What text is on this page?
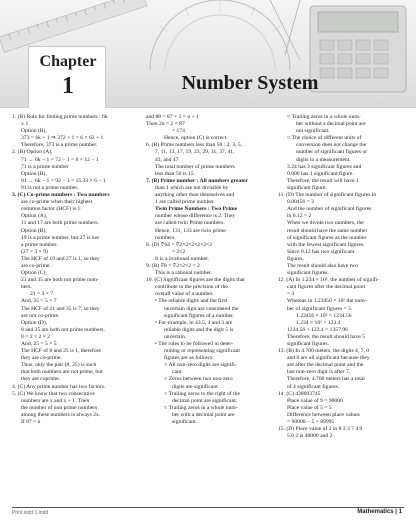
Chapter
1	Number System
1. (B) Rule for finding prime numbers : 6k
± 1
Option (B),
373 = 6k + 1 ⇒ 372 + 1 = 6 × 62 + 1
Therefore, 373 is a prime number.
2. (B) Option (A),
71 → 6k − 1 = 72 − 1 = 6 × 12 − 1
71 is a prime number
Option (B),
91 → 6k − 1 = 92 − 1 = 15.33 × 6 − 1
91 is not a prime number.
3. (C) Co-prime numbers : Two numbers
are co-prime when their highest
common factor (HCF) is 1.
Option (A),
11 and 17 are both prime numbers.
Option (B),
19 is a prime number, but 27 is not
a prime number.
(27 = 3 × 9)
The HCF of 19 and 27 is 1, so they
are co-prime.
Option (C),
21 and 35 are both not prime num-
bers.
21 = 3 × 7
And, 35 = 5 × 7
The HCF of 21 and 35 is 7, so they
are not co-prime.
Option (D),
8 and 25 are both not prime numbers.
8 = 2 × 2 × 2
And, 25 = 5 × 5
The HCF of 8 and 25 is 1, therefore
they are co-prime.
Thus, only the pair (8, 25) is such
that both numbers are not prime, but
they are coprime.
4. (C) Any prime number has two factors.
5. (C) We know that two consecutive
numbers are x and x + 1. Then
the number of non prime numbers
among these numbers is always 2x.
If 87 = n
and 88 = 87 + 1 = n + 1
Then 2n = 2 × 87
= 174
Hence, option (C) is correct.
6. (B) Prime numbers less than 50 : 2, 3, 5,
7, 11, 13, 17, 19, 23, 29, 31, 37, 41,
43, and 47
The total number of prime numbers
less than 50 is 15.
7. (B) Prime number : All numbers greater
than 1 which are not divisible by
anything other than themselves and
1 are called prime number.
Twin Prime Numbers : Two Prime
number whose difference is 2. They
are called twin Prime numbers.
Hence, 131, 133 are twin prime
numbers.
8. (D) ∜64 = ∜2×2×2×2×2×2
= 2√2
It is a irrational number.
9. (B) ∛8 = ∛2×2×2 = 2
This is a rational number.
10. (C) Significant figures are the digits that
contribute to the precision of the
overall value of a number.
• The reliable digits and the first
uncertain digit are considered the
significant figures of a number.
• For example, in 43.5, 4 and 3 are
reliable digits and the digit 5 is
uncertain.
• The rules to be followed in deter-
mining or representing significant
figures are as follows:
○ All non-zero digits are signifi-
cant.
○ Zeros between two non-zero
digits are significant.
○ Trailing zeros to the right of the
decimal point are significant.
○ Trailing zeros in a whole num-
ber with a decimal point are
significant.
○ Trailing zeros in a whole num-
ber without a decimal point are
not significant.
○ The choice of different units of
conversion does not change the
number of significant figures or
digits in a measurement.
3.24 has 3 significant figures and
0.006 has 1 significant figure.
Therefore, the result will have 1
significant figure.
11. (D) The number of significant figures in
0.00456 = 3
And the number of significant figures
in 0.12 = 2
When we divide two numbers, the
result should have the same number
of significant figures as the number
with the fewest significant figures.
Since 0.12 has two significant
figures,
The result should also have two
significant figures.
12. (A) In 1.234 × 10², the number of signifi-
cant figures after the decimal point
= 3
Whereas in 1.23456 × 10² the num-
ber of significant figures = 5
1.23456 × 10² = 1234.56
1.234 × 10² = 123.4
1234.56 + 123.4 = 1357.96
Therefore, the result should have 5
significant figures.
13. (B) In 4.700 meters, the digits 4, 7, 0
and 0 are all significant because they
are after the decimal point and the
last non-zero digit is after 7.
Therefore, 4.700 meters has a total
of 4 significant figures.
14. (C) 438693745
Place value of 9 = 90000
Place value of 5 = 5
Difference between place values
= 90000 − 5 = 89995
15. (D) Place value of 2 in 8 3 3 7 4 9
5.0 2 is 40000 and 2
Print.indd 1.indd	Mathematics | 1
